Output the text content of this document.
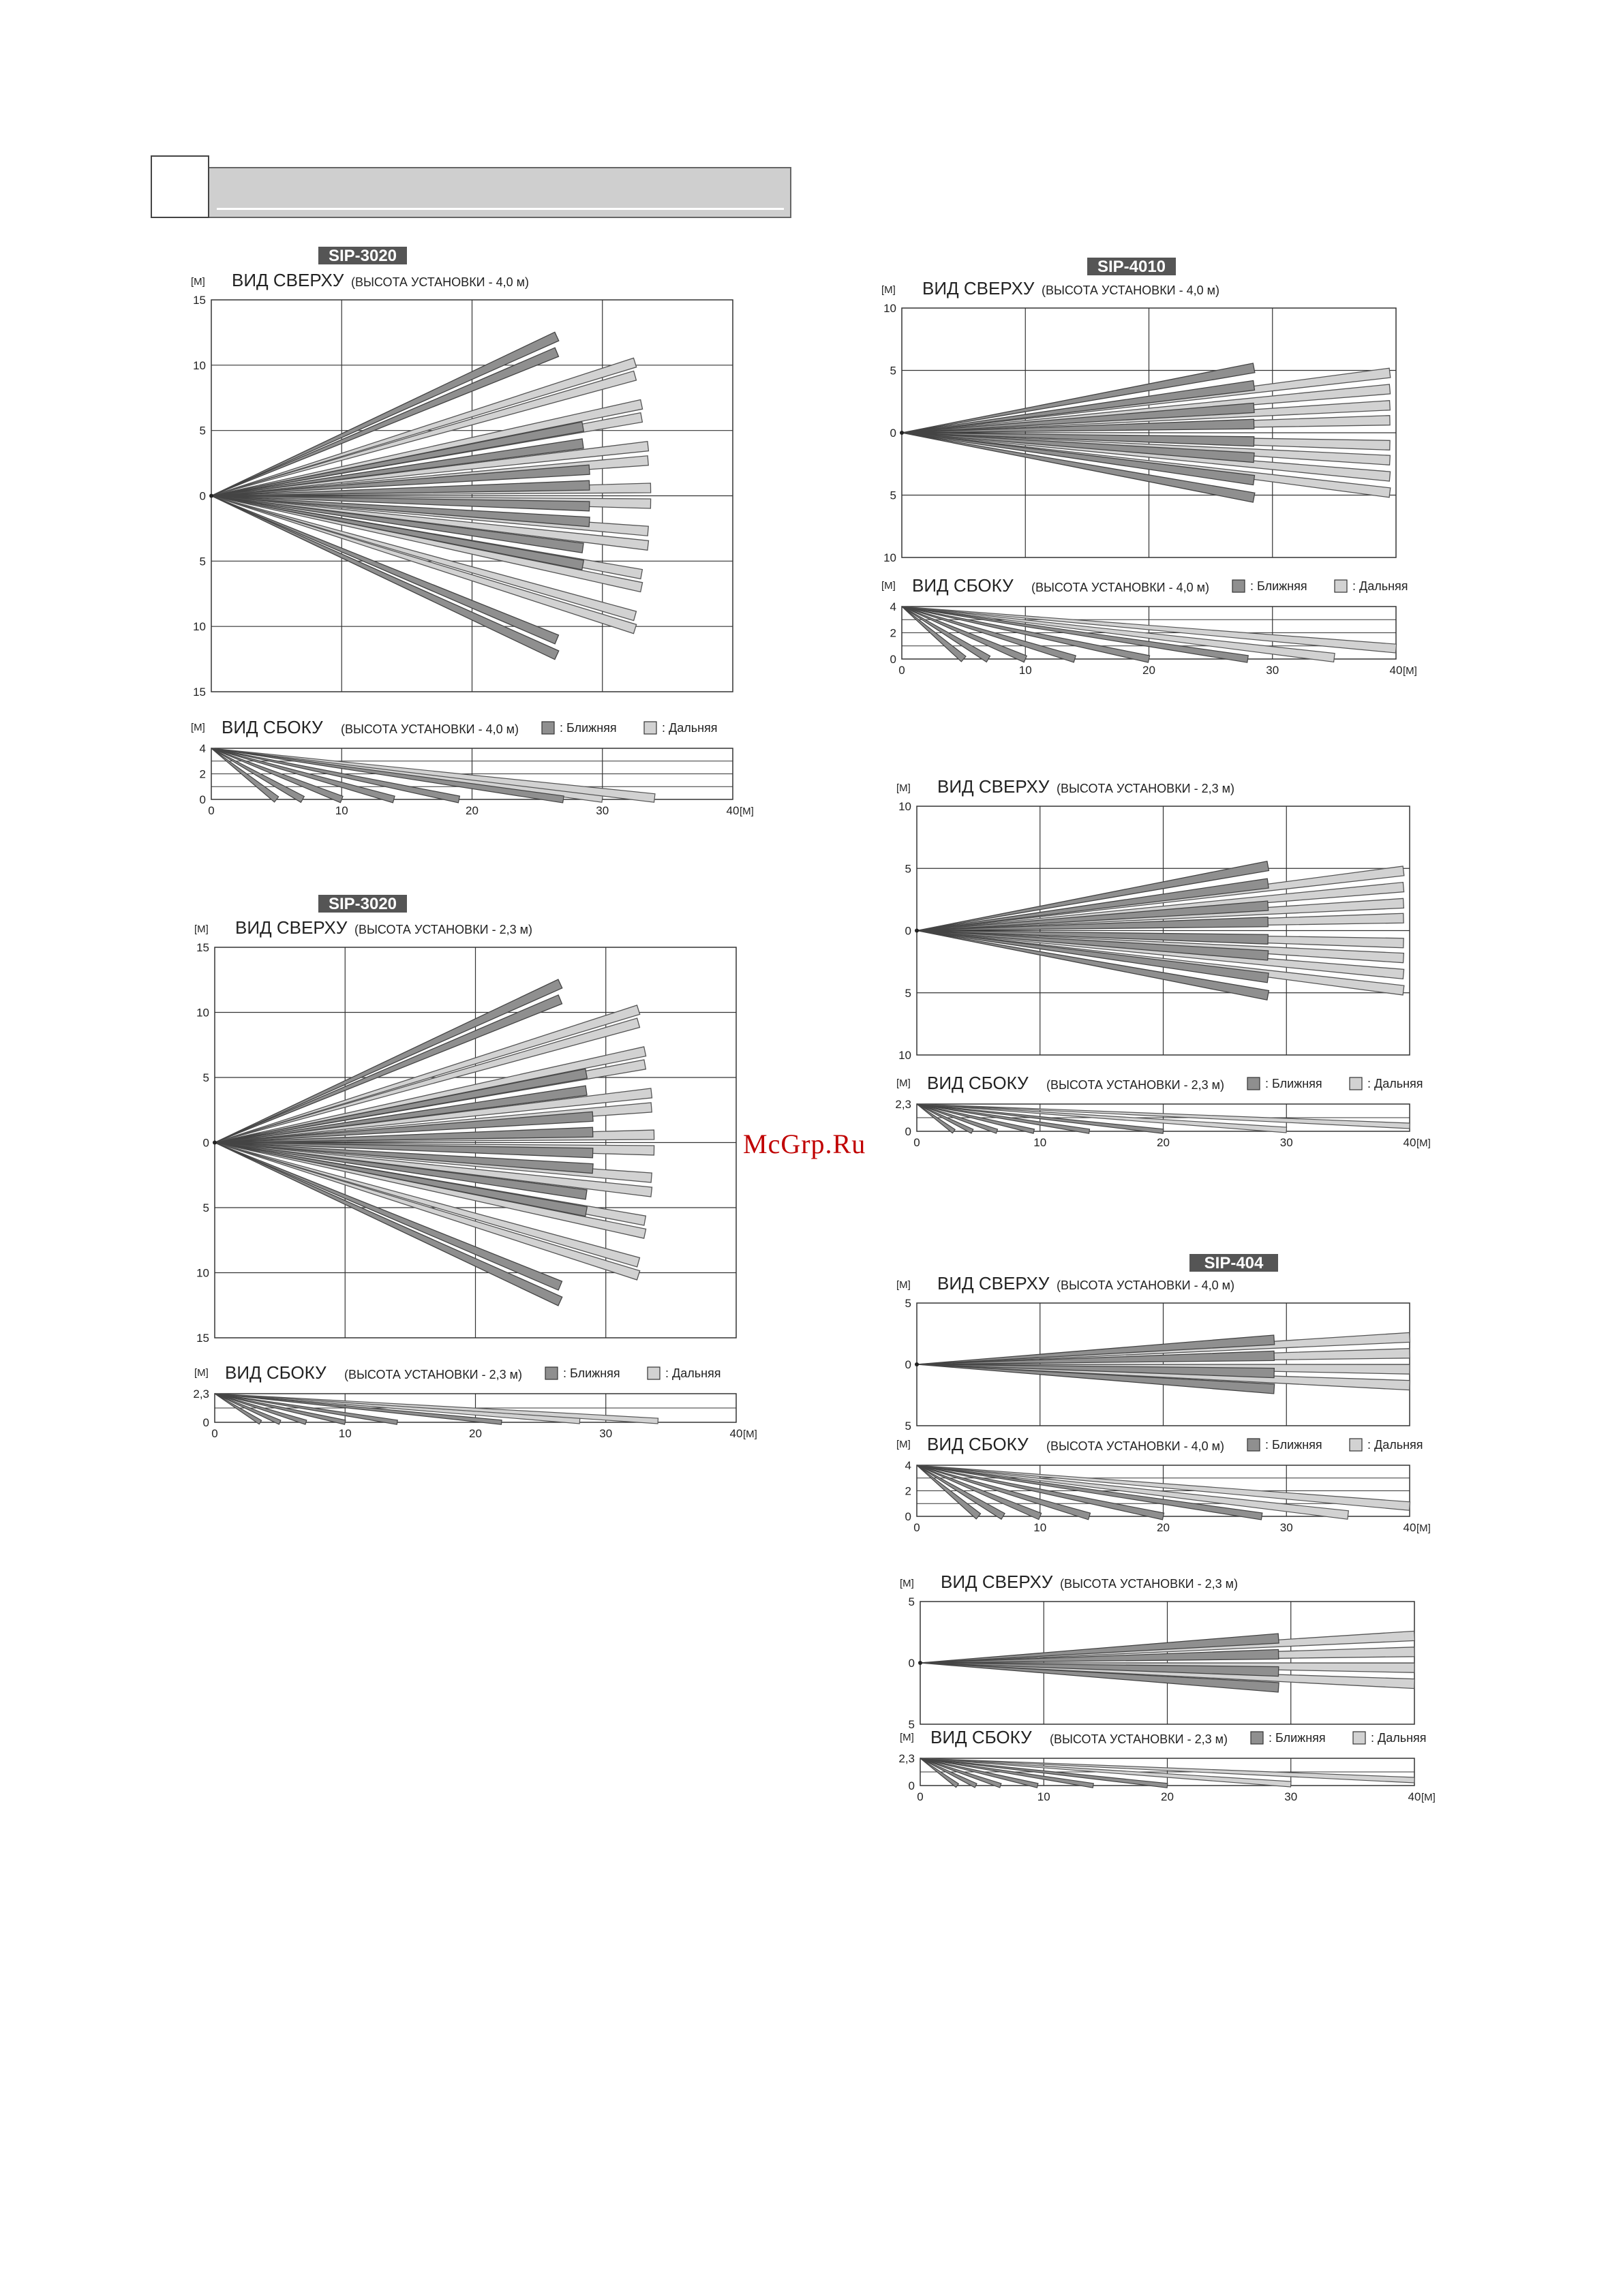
SIP-3020
[М] ВИД СВЕРХУ (ВЫСОТА УСТАНОВКИ - 4,0 м)
15
10
5
0
5
10
15
[М] ВИД СБОКУ (ВЫСОТА УСТАНОВКИ - 4,0 м)	: Ближняя	: Дальняя
4
2
0
0	10	20	30	40 [М]
SIP-3020
[М] ВИД СВЕРХУ (ВЫСОТА УСТАНОВКИ - 2,3 м)
15
10
5
0
5
10
15
[М] ВИД СБОКУ (ВЫСОТА УСТАНОВКИ - 2,3 м)	: Ближняя	: Дальняя
2,3
0
0	10	20	30	40 [М]
SIP-4010
[М] ВИД СВЕРХУ (ВЫСОТА УСТАНОВКИ - 4,0 м)
10
5
0
5
10
[М] ВИД СБОКУ (ВЫСОТА УСТАНОВКИ - 4,0 м)	: Ближняя	: Дальняя
4
2
0
0	10	20	30	40 [М]
[М] ВИД СВЕРХУ (ВЫСОТА УСТАНОВКИ - 2,3 м)
10
5
0
5
10
[М] ВИД СБОКУ (ВЫСОТА УСТАНОВКИ - 2,3 м)	: Ближняя	: Дальняя
2,3
0
0	10	20	30	40 [М]
SIP-404
[М] ВИД СВЕРХУ (ВЫСОТА УСТАНОВКИ - 4,0 м)
5
0
5
[М] ВИД СБОКУ (ВЫСОТА УСТАНОВКИ - 4,0 м)	: Ближняя	: Дальняя
4
2
0
0	10	20	30	40 [М]
[М] ВИД СВЕРХУ (ВЫСОТА УСТАНОВКИ - 2,3 м)
5
0
5
[М] ВИД СБОКУ (ВЫСОТА УСТАНОВКИ - 2,3 м)	: Ближняя	: Дальняя
2,3
0
0	10	20	30	40 [М]
McGrp.Ru
